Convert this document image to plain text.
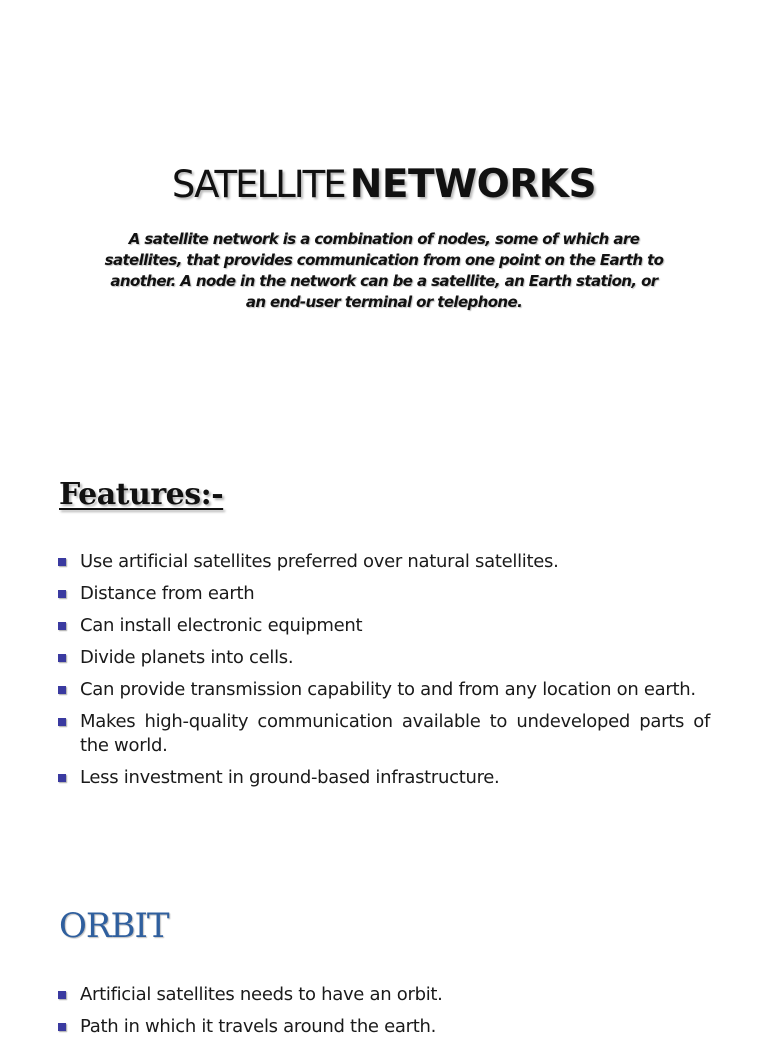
SATELLITE NETWORKS
A satellite network is a combination of nodes, some of which are satellites, that provides communication from one point on the Earth to another. A node in the network can be a satellite, an Earth station, or an end-user terminal or telephone.
Features:-
Use artificial satellites preferred over natural satellites.
Distance from earth
Can install electronic equipment
Divide planets into cells.
Can provide transmission capability to and from any location on earth.
Makes high-quality communication available to undeveloped parts of the world.
Less investment in ground-based infrastructure.
ORBIT
Artificial satellites needs to have an orbit.
Path in which it travels around the earth.
